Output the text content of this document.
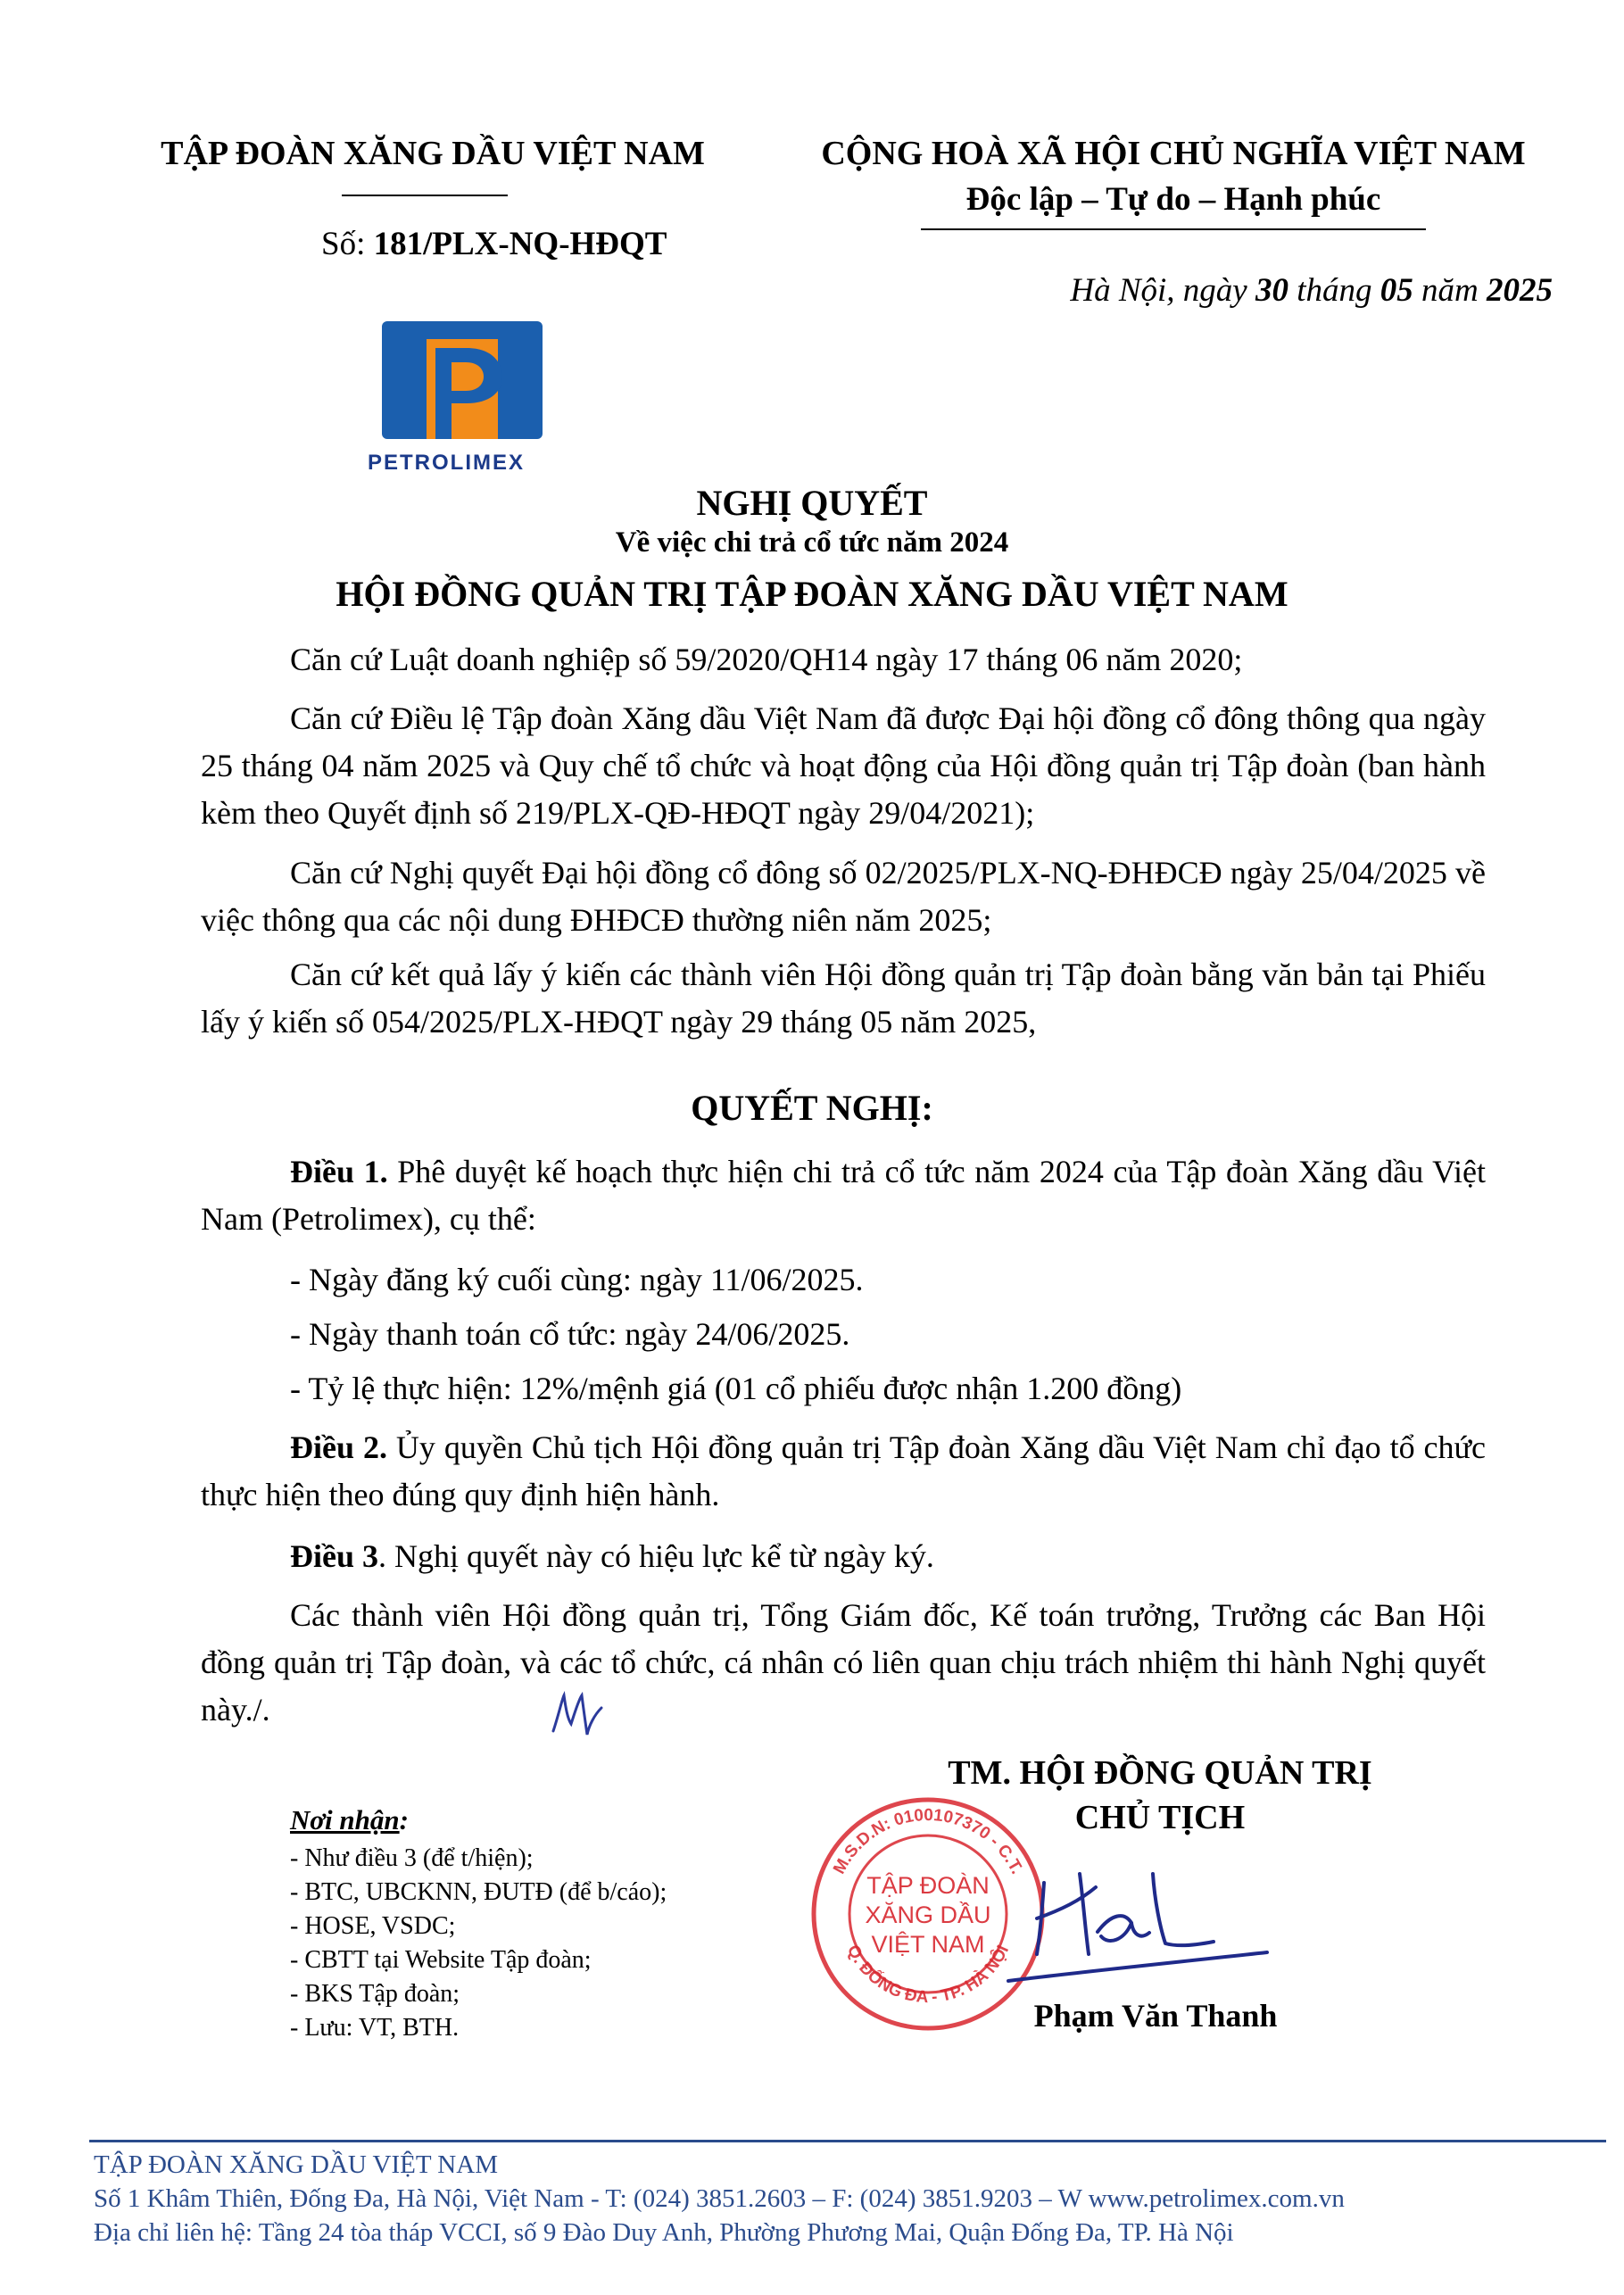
TẬP ĐOÀN XĂNG DẦU VIỆT NAM
Số: 181/PLX-NQ-HĐQT
CỘNG HOÀ XÃ HỘI CHỦ NGHĨA VIỆT NAM
Độc lập – Tự do – Hạnh phúc
Hà Nội, ngày 30 tháng 05 năm 2025
PETROLIMEX
NGHỊ QUYẾT
Về việc chi trả cổ tức năm 2024
HỘI ĐỒNG QUẢN TRỊ TẬP ĐOÀN XĂNG DẦU VIỆT NAM
Căn cứ Luật doanh nghiệp số 59/2020/QH14 ngày 17 tháng 06 năm 2020;
Căn cứ Điều lệ Tập đoàn Xăng dầu Việt Nam đã được Đại hội đồng cổ đông thông qua ngày 25 tháng 04 năm 2025 và Quy chế tổ chức và hoạt động của Hội đồng quản trị Tập đoàn (ban hành kèm theo Quyết định số 219/PLX-QĐ-HĐQT ngày 29/04/2021);
Căn cứ Nghị quyết Đại hội đồng cổ đông số 02/2025/PLX-NQ-ĐHĐCĐ ngày 25/04/2025 về việc thông qua các nội dung ĐHĐCĐ thường niên năm 2025;
Căn cứ kết quả lấy ý kiến các thành viên Hội đồng quản trị Tập đoàn bằng văn bản tại Phiếu lấy ý kiến số 054/2025/PLX-HĐQT ngày 29 tháng 05 năm 2025,
QUYẾT NGHỊ:
Điều 1. Phê duyệt kế hoạch thực hiện chi trả cổ tức năm 2024 của Tập đoàn Xăng dầu Việt Nam (Petrolimex), cụ thể:
- Ngày đăng ký cuối cùng: ngày 11/06/2025.
- Ngày thanh toán cổ tức: ngày 24/06/2025.
- Tỷ lệ thực hiện: 12%/mệnh giá (01 cổ phiếu được nhận 1.200 đồng)
Điều 2. Ủy quyền Chủ tịch Hội đồng quản trị Tập đoàn Xăng dầu Việt Nam chỉ đạo tổ chức thực hiện theo đúng quy định hiện hành.
Điều 3. Nghị quyết này có hiệu lực kể từ ngày ký.
Các thành viên Hội đồng quản trị, Tổng Giám đốc, Kế toán trưởng, Trưởng các Ban Hội đồng quản trị Tập đoàn, và các tổ chức, cá nhân có liên quan chịu trách nhiệm thi hành Nghị quyết này./.
Nơi nhận:
- Như điều 3 (để t/hiện);
- BTC, UBCKNN, ĐUTĐ (để b/cáo);
- HOSE, VSDC;
- CBTT tại Website Tập đoàn;
- BKS Tập đoàn;
- Lưu: VT, BTH.
TM. HỘI ĐỒNG QUẢN TRỊ
CHỦ TỊCH
M.S.D.N: 0100107370 - C.T.
Q. ĐỐNG ĐA - TP. HÀ NỘI
TẬP ĐOÀN
XĂNG DẦU
VIỆT NAM
Phạm Văn Thanh
TẬP ĐOÀN XĂNG DẦU VIỆT NAM
Số 1 Khâm Thiên, Đống Đa, Hà Nội, Việt Nam - T: (024) 3851.2603 – F: (024) 3851.9203 – W www.petrolimex.com.vn
Địa chỉ liên hệ: Tầng 24 tòa tháp VCCI, số 9 Đào Duy Anh, Phường Phương Mai, Quận Đống Đa, TP. Hà Nội
